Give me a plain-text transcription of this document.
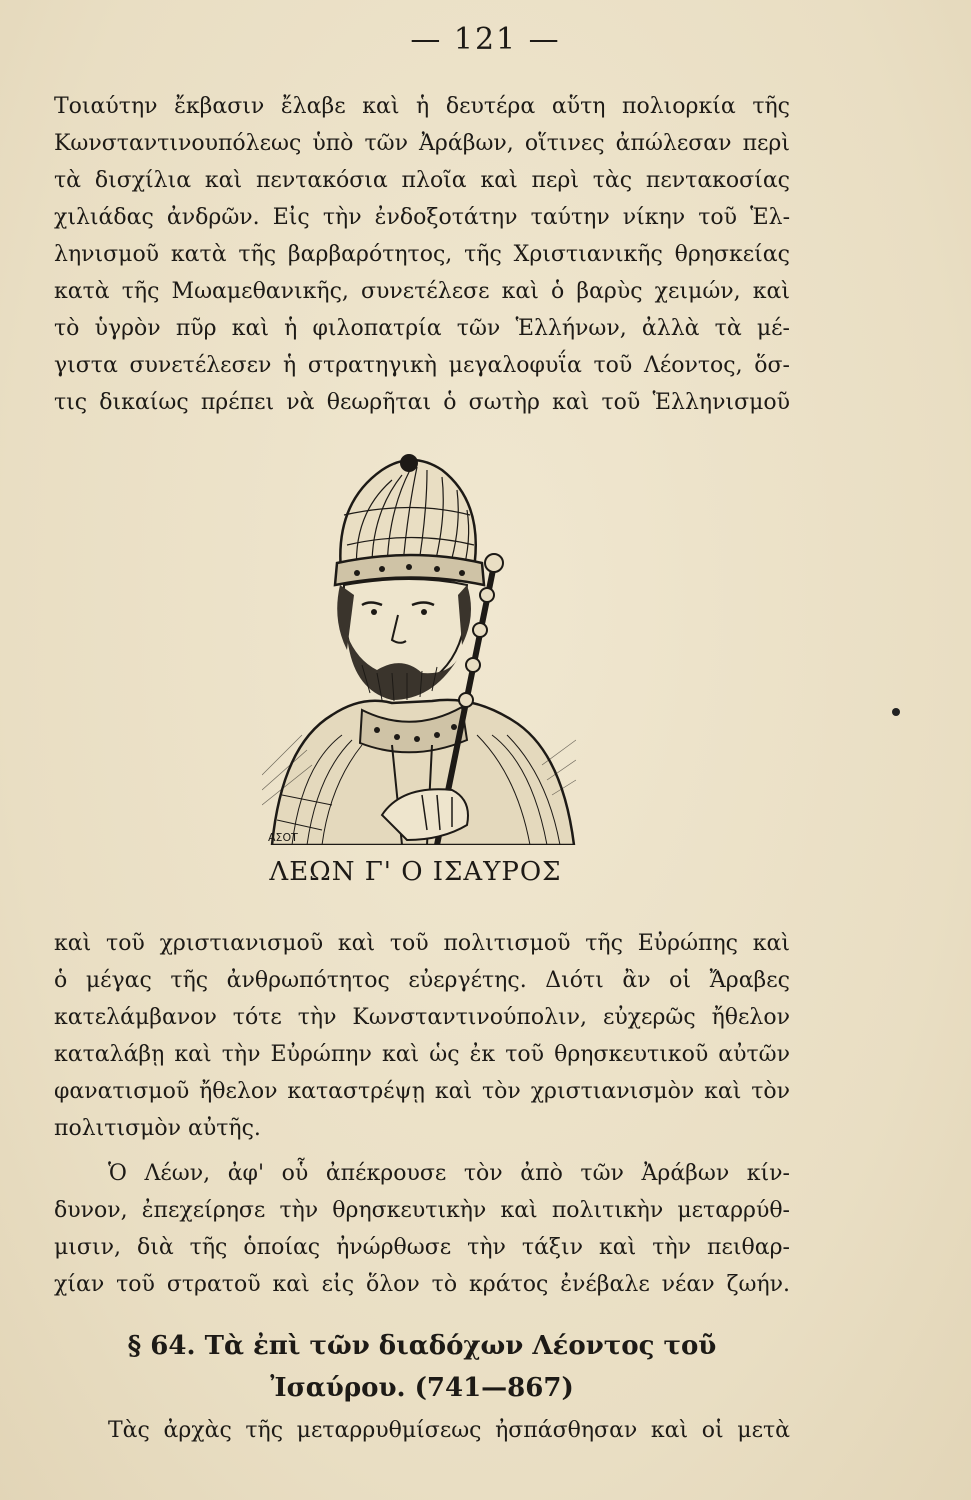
— 121 —
Τοιαύτην ἔκβασιν ἔλαβε καὶ ἡ δευτέρα αὕτη πολιορκία τῆς
Κωνσταντινουπόλεως ὑπὸ τῶν Ἀράβων, οἵτινες ἀπώλεσαν περὶ
τὰ δισχίλια καὶ πεντακόσια πλοῖα καὶ περὶ τὰς πεντακοσίας
χιλιάδας ἀνδρῶν. Εἰς τὴν ἐνδοξοτάτην ταύτην νίκην τοῦ Ἑλ-
ληνισμοῦ κατὰ τῆς βαρβαρότητος, τῆς Χριστιανικῆς θρησκείας
κατὰ τῆς Μωαμεθανικῆς, συνετέλεσε καὶ ὁ βαρὺς χειμών, καὶ
τὸ ὑγρὸν πῦρ καὶ ἡ φιλοπατρία τῶν Ἑλλήνων, ἀλλὰ τὰ μέ-
γιστα συνετέλεσεν ἡ στρατηγικὴ μεγαλοφυΐα τοῦ Λέοντος, ὅσ-
τις δικαίως πρέπει νὰ θεωρῆται ὁ σωτὴρ καὶ τοῦ Ἑλληνισμοῦ
ΑΣΟΤ
ΛΕΩΝ Γ' Ο ΙΣΑΥΡΟΣ
καὶ τοῦ χριστιανισμοῦ καὶ τοῦ πολιτισμοῦ τῆς Εὐρώπης καὶ
ὁ μέγας τῆς ἀνθρωπότητος εὐεργέτης. Διότι ἂν οἱ Ἄραβες
κατελάμβανον τότε τὴν Κωνσταντινούπολιν, εὐχερῶς ἤθελον
καταλάβῃ καὶ τὴν Εὐρώπην καὶ ὡς ἐκ τοῦ θρησκευτικοῦ αὐτῶν
φανατισμοῦ ἤθελον καταστρέψῃ καὶ τὸν χριστιανισμὸν καὶ τὸν
πολιτισμὸν αὐτῆς.
Ὁ Λέων, ἀφ' οὗ ἀπέκρουσε τὸν ἀπὸ τῶν Ἀράβων κίν-
δυνον, ἐπεχείρησε τὴν θρησκευτικὴν καὶ πολιτικὴν μεταρρύθ-
μισιν, διὰ τῆς ὁποίας ἠνώρθωσε τὴν τάξιν καὶ τὴν πειθαρ-
χίαν τοῦ στρατοῦ καὶ εἰς ὅλον τὸ κράτος ἐνέβαλε νέαν ζωήν.
§ 64. Τὰ ἐπὶ τῶν διαδόχων Λέοντος τοῦ
Ἰσαύρου. (741—867)
Τὰς ἀρχὰς τῆς μεταρρυθμίσεως ἠσπάσθησαν καὶ οἱ μετὰ
